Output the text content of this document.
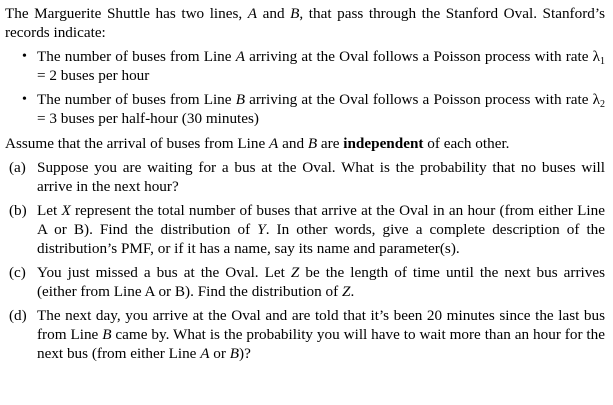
The Marguerite Shuttle has two lines, A and B, that pass through the Stanford Oval. Stanford’s records indicate:

• The number of buses from Line A arriving at the Oval follows a Poisson process with rate $\lambda_1 = 2$ buses per hour
• The number of buses from Line B arriving at the Oval follows a Poisson process with rate $\lambda_2 = 3$ buses per half-hour (30 minutes)

Assume that the arrival of buses from Line A and B are independent of each other.

(a) Suppose you are waiting for a bus at the Oval. What is the probability that no buses will arrive in the next hour?
(b) Let X represent the total number of buses that arrive at the Oval in an hour (from either Line A or B). Find the distribution of Y. In other words, give a complete description of the distribution’s PMF, or if it has a name, say its name and parameter(s).
(c) You just missed a bus at the Oval. Let Z be the length of time until the next bus arrives (either from Line A or B). Find the distribution of Z.
(d) The next day, you arrive at the Oval and are told that it’s been 20 minutes since the last bus from Line B came by. What is the probability you will have to wait more than an hour for the next bus (from either Line A or B)?
